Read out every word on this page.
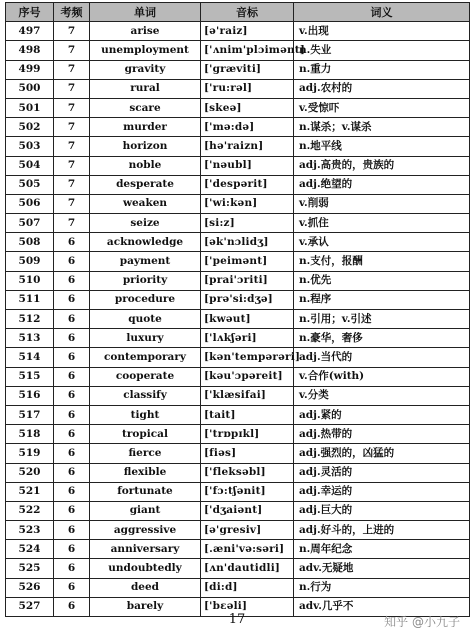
序号	考频	单词	音标	词义
497	7	arise	[ə'raiz]	v.出现
498	7	unemployment	['ʌnim'plɔimənt]	n.失业
499	7	gravity	['græviti]	n.重力
500	7	rural	['ru:rəl]	adj.农村的
501	7	scare	[skeə]	v.受惊吓
502	7	murder	['mə:də]	n.谋杀；v.谋杀
503	7	horizon	[hə'raizn]	n.地平线
504	7	noble	['nəubl]	adj.高贵的，贵族的
505	7	desperate	['despərit]	adj.绝望的
506	7	weaken	['wi:kən]	v.削弱
507	7	seize	[si:z]	v.抓住
508	6	acknowledge	[ək'nɔlidʒ]	v.承认
509	6	payment	['peimənt]	n.支付，报酬
510	6	priority	[prai'ɔriti]	n.优先
511	6	procedure	[prə'si:dʒə]	n.程序
512	6	quote	[kwəut]	n.引用；v.引述
513	6	luxury	['lʌkʃəri]	n.豪华，奢侈
514	6	contemporary	[kən'tempərəri]	adj.当代的
515	6	cooperate	[kəu'ɔpəreit]	v.合作(with)
516	6	classify	['klæsifai]	v.分类
517	6	tight	[tait]	adj.紧的
518	6	tropical	['trɒpɪkl]	adj.热带的
519	6	fierce	[fiəs]	adj.强烈的，凶猛的
520	6	flexible	['fleksəbl]	adj.灵活的
521	6	fortunate	['fɔ:tʃənit]	adj.幸运的
522	6	giant	['dʒaiənt]	adj.巨大的
523	6	aggressive	[ə'gresiv]	adj.好斗的，上进的
524	6	anniversary	[.æni'və:səri]	n.周年纪念
525	6	undoubtedly	[ʌn'dautidli]	adv.无疑地
526	6	deed	[di:d]	n.行为
527	6	barely	['bɛəli]	adv.几乎不
17	知乎 @小九子
